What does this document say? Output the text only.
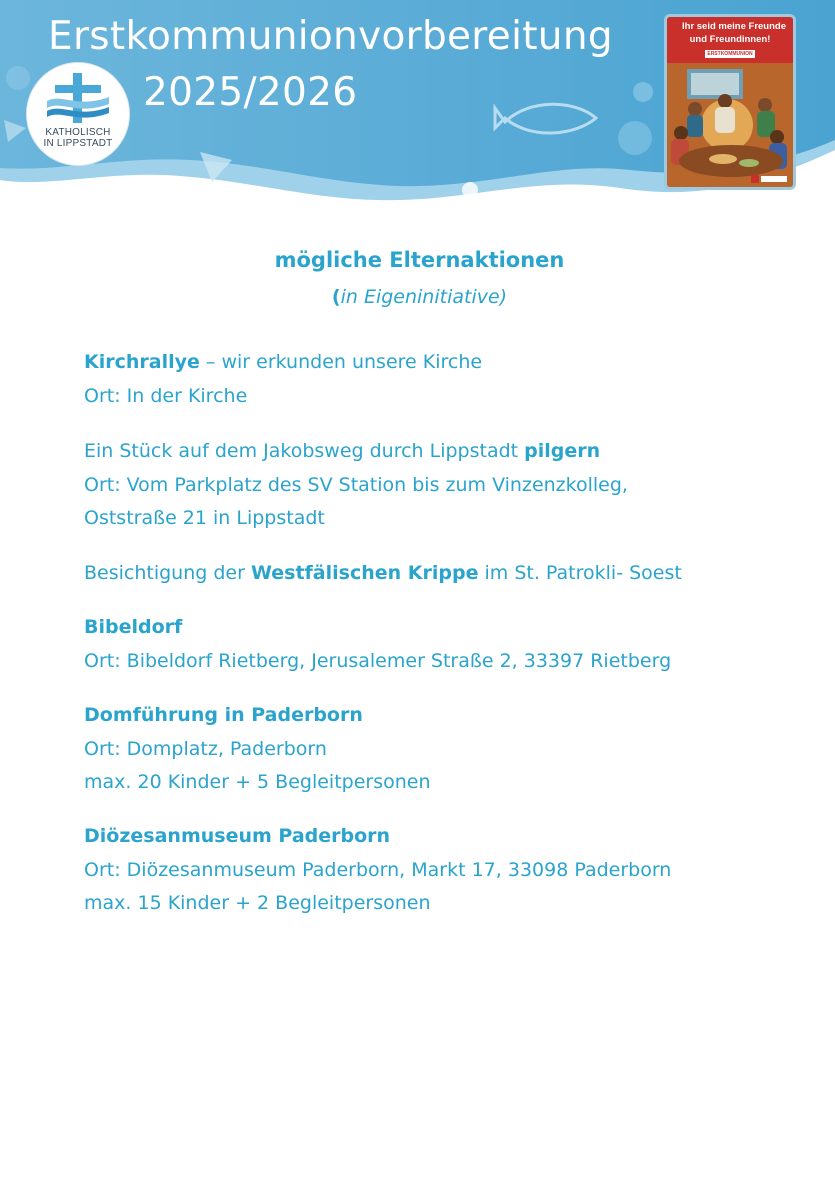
Erstkommunionvorbereitung
2025/2026
KATHOLISCH
IN LIPPSTADT
Ihr seid meine Freunde
und Freundinnen!
ERSTKOMMUNION
mögliche Elternaktionen
(in Eigeninitiative)
Kirchrallye – wir erkunden unsere Kirche
Ort: In der Kirche
Ein Stück auf dem Jakobsweg durch Lippstadt pilgern
Ort: Vom Parkplatz des SV Station bis zum Vinzenzkolleg,
Oststraße 21 in Lippstadt
Besichtigung der Westfälischen Krippe im St. Patrokli- Soest
Bibeldorf
Ort: Bibeldorf Rietberg, Jerusalemer Straße 2, 33397 Rietberg
Domführung in Paderborn
Ort: Domplatz, Paderborn
max. 20 Kinder + 5 Begleitpersonen
Diözesanmuseum Paderborn
Ort: Diözesanmuseum Paderborn, Markt 17, 33098 Paderborn
max. 15 Kinder + 2 Begleitpersonen
